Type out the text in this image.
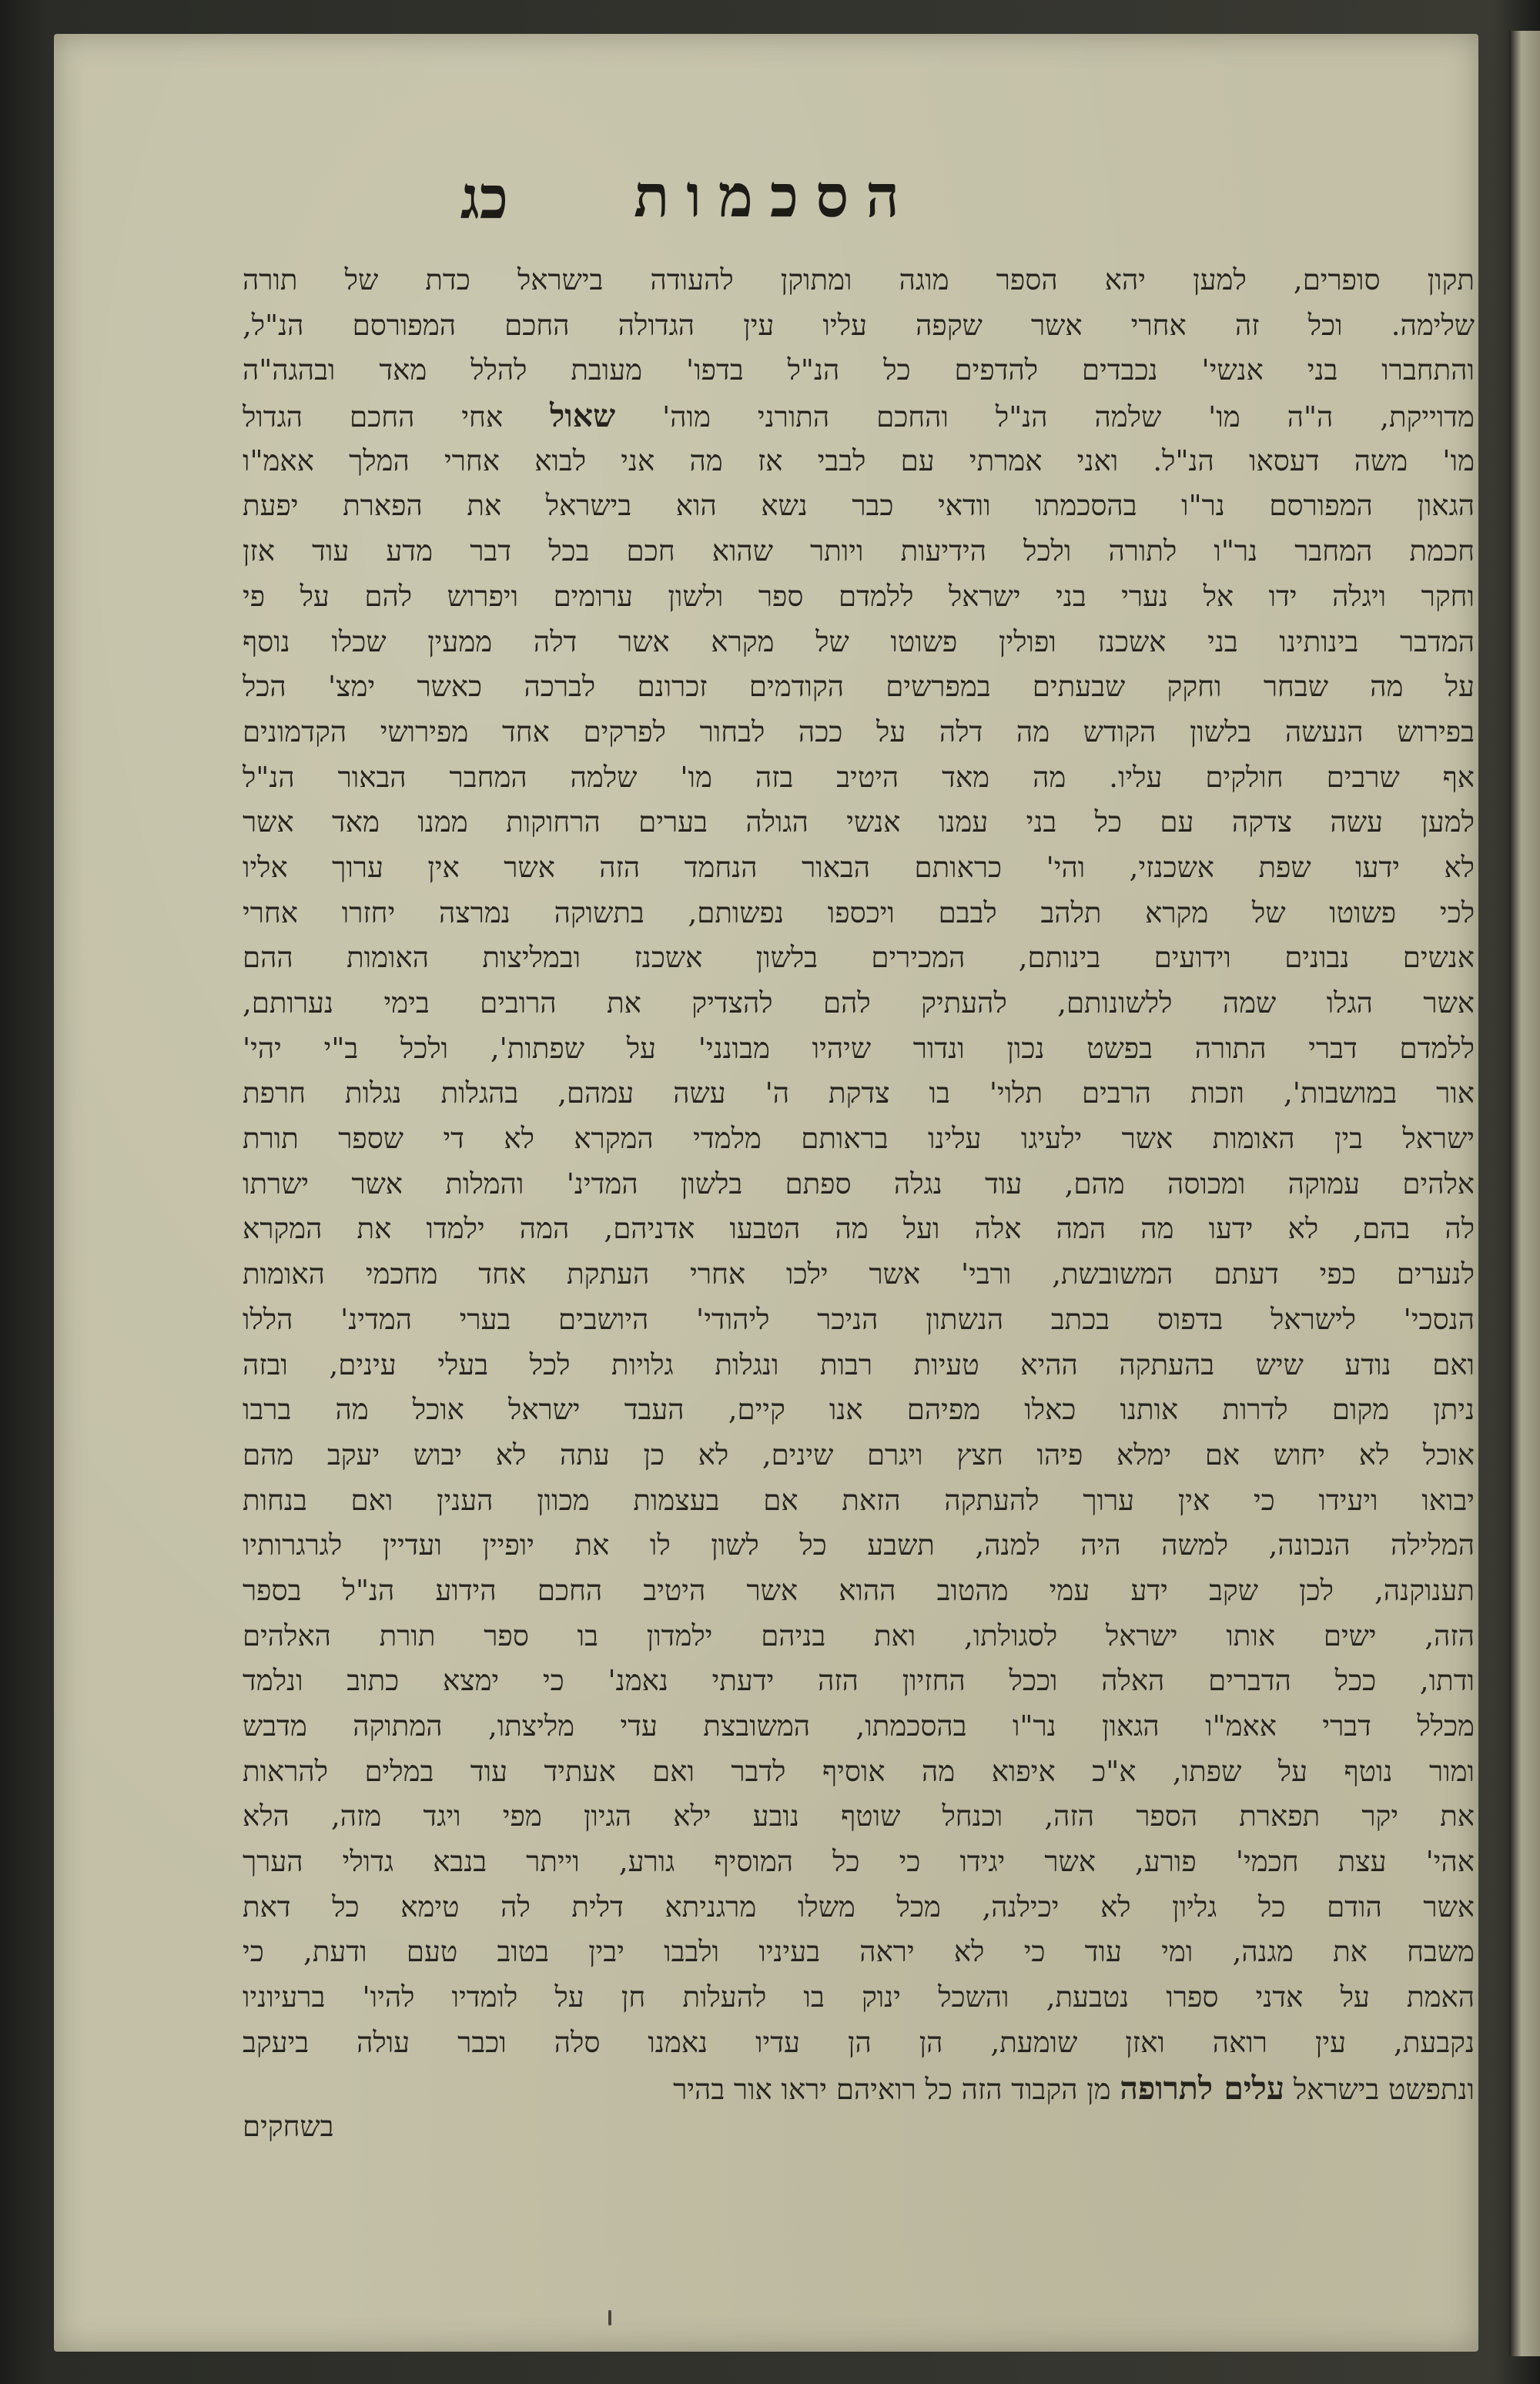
הסכמות
כג
תקון סופרים, למען יהא הספר מוגה ומתוקן להעודה בישראל כדת של תורה
שלימה. וכל זה אחרי אשר שקפה עליו עין הגדולה החכם המפורסם הנ"ל,
והתחברו בני אנשי' נכבדים להדפים כל הנ"ל בדפו' מעובת להלל מאד ובהגה"ה
מדוייקת, ה"ה מו' שלמה הנ"ל והחכם התורני מוה' שאול אחי החכם הגדול
מו' משה דעסאו הנ"ל. ואני אמרתי עם לבבי אז מה אני לבוא אחרי המלך אאמ"ו
הגאון המפורסם נר"ו בהסכמתו וודאי כבר נשא הוא בישראל את הפארת יפעת
חכמת המחבר נר"ו לתורה ולכל הידיעות ויותר שהוא חכם בכל דבר מדע עוד אזן
וחקר ויגלה ידו אל נערי בני ישראל ללמדם ספר ולשון ערומים ויפרוש להם על פי
המדבר בינותינו בני אשכנז ופולין פשוטו של מקרא אשר דלה ממעין שכלו נוסף
על מה שבחר וחקק שבעתים במפרשים הקודמים זכרונם לברכה כאשר ימצ' הכל
בפירוש הנעשה בלשון הקודש מה דלה על ככה לבחור לפרקים אחד מפירושי הקדמונים
אף שרבים חולקים עליו. מה מאד היטיב בזה מו' שלמה המחבר הבאור הנ"ל
למען עשה צדקה עם כל בני עמנו אנשי הגולה בערים הרחוקות ממנו מאד אשר
לא ידעו שפת אשכנזי, והי' כראותם הבאור הנחמד הזה אשר אין ערוך אליו
לכי פשוטו של מקרא תלהב לבבם ויכספו נפשותם, בתשוקה נמרצה יחזרו אחרי
אנשים נבונים וידועים בינותם, המכירים בלשון אשכנז ובמליצות האומות ההם
אשר הגלו שמה ללשונותם, להעתיק להם להצדיק את הרובים בימי נערותם,
ללמדם דברי התורה בפשט נכון ונדור שיהיו מבונני' על שפתות', ולכל ב"י יהי'
אור במושבות', וזכות הרבים תלוי' בו צדקת ה' עשה עמהם, בהגלות נגלות חרפת
ישראל בין האומות אשר ילעיגו עלינו בראותם מלמדי המקרא לא די שספר תורת
אלהים עמוקה ומכוסה מהם, עוד נגלה ספתם בלשון המדינ' והמלות אשר ישרתו
לה בהם, לא ידעו מה המה אלה ועל מה הטבעו אדניהם, המה ילמדו את המקרא
לנערים כפי דעתם המשובשת, ורבי' אשר ילכו אחרי העתקת אחד מחכמי האומות
הנסכי' לישראל בדפוס בכתב הנשתון הניכר ליהודי' היושבים בערי המדינ' הללו
ואם נודע שיש בהעתקה ההיא טעיות רבות ונגלות גלויות לכל בעלי עינים, ובזה
ניתן מקום לדרות אותנו כאלו מפיהם אנו קיים, העבד ישראל אוכל מה ברבו
אוכל לא יחוש אם ימלא פיהו חצץ ויגרם שינים, לא כן עתה לא יבוש יעקב מהם
יבואו ויעידו כי אין ערוך להעתקה הזאת אם בעצמות מכוון הענין ואם בנחות
המלילה הנכונה, למשה היה למנה, תשבע כל לשון לו את יופיין ועדיין לגרגרותיו
תענוקנה, לכן שקב ידע עמי מהטוב ההוא אשר היטיב החכם הידוע הנ"ל בספר
הזה, ישים אותו ישראל לסגולתו, ואת בניהם ילמדון בו ספר תורת האלהים
ודתו, ככל הדברים האלה וככל החזיון הזה ידעתי נאמנ' כי ימצא כתוב ונלמד
מכלל דברי אאמ"ו הגאון נר"ו בהסכמתו, המשובצת עדי מליצתו, המתוקה מדבש
ומור נוטף על שפתו, א"כ איפוא מה אוסיף לדבר ואם אעתיד עוד במלים להראות
את יקר תפארת הספר הזה, וכנחל שוטף נובע ילא הגיון מפי ויגד מזה, הלא
אהי' עצת חכמי' פורע, אשר יגידו כי כל המוסיף גורע, וייתר בנבא גדולי הערך
אשר הודם כל גליון לא יכילנה, מכל משלו מרגניתא דלית לה טימא כל דאת
משבח את מגנה, ומי עוד כי לא יראה בעיניו ולבבו יבין בטוב טעם ודעת, כי
האמת על אדני ספרו נטבעת, והשכל ינוק בו להעלות חן על לומדיו להיו' ברעיוניו
נקבעת, עין רואה ואזן שומעת, הן הן עדיו נאמנו סלה וכבר עולה ביעקב
ונתפשט בישראל עלים לתרופה מן הקבוד הזה כל רואיהם יראו אור בהיר
בשחקים
